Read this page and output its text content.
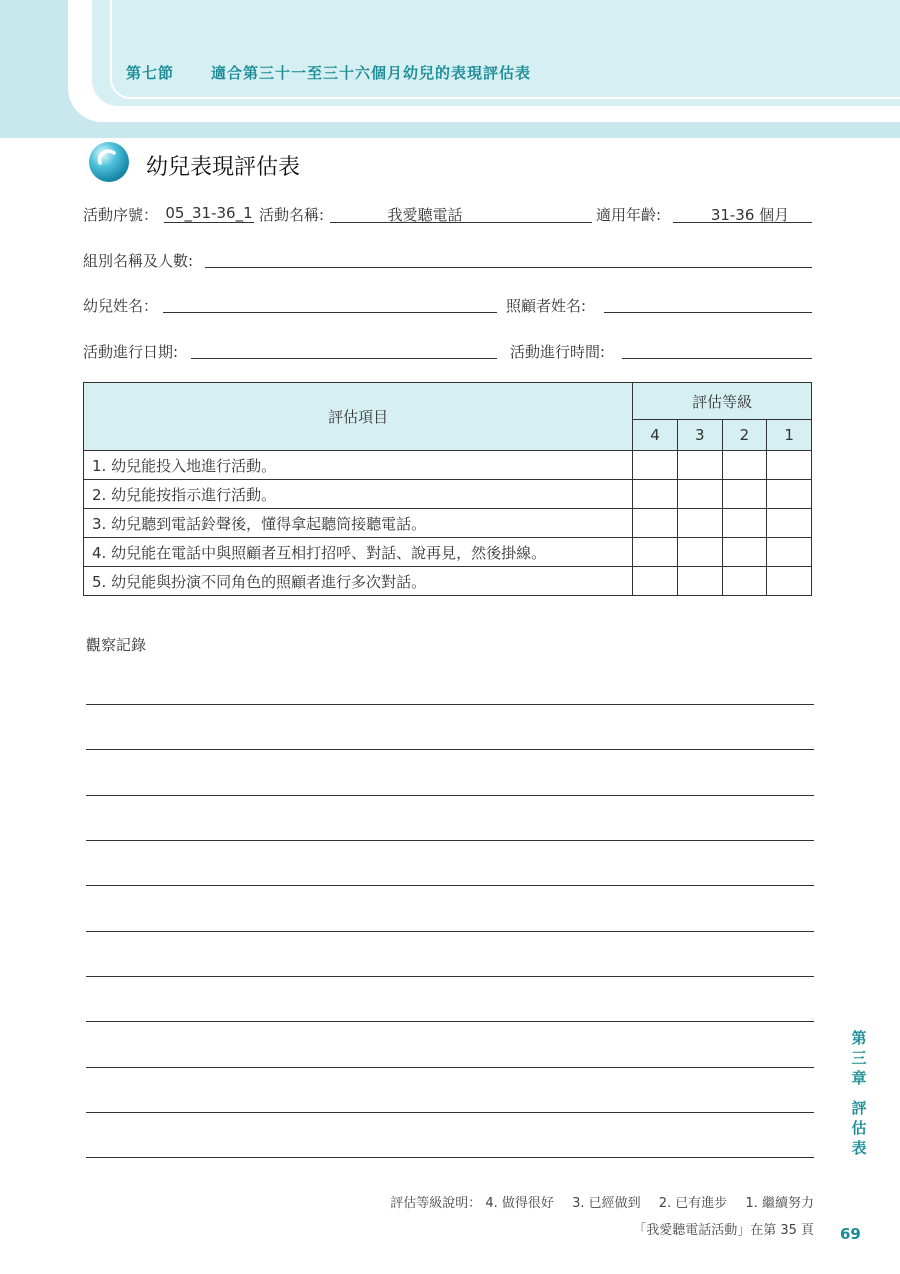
第七節 適合第三十一至三十六個月幼兒的表現評估表
幼兒表現評估表
活動序號： 05_31-36_1 活動名稱:	我愛聽電話	適用年齡:	31-36 個月
組別名稱及人數:
幼兒姓名：	照顧者姓名:
活動進行日期:	活動進行時間:
評估項目	評估等級			
	4	3	2	1
1. 幼兒能投入地進行活動。				
2. 幼兒能按指示進行活動。				
3. 幼兒聽到電話鈴聲後，懂得拿起聽筒接聽電話。				
4. 幼兒能在電話中與照顧者互相打招呼、對話、說再見，然後掛線。				
5. 幼兒能與扮演不同角色的照顧者進行多次對話。				
觀察記錄
第
三
章
評
估
表
評估等級說明： 4. 做得很好 3. 已經做到 2. 已有進步 1. 繼續努力
「我愛聽電話活動」在第 35 頁 69
